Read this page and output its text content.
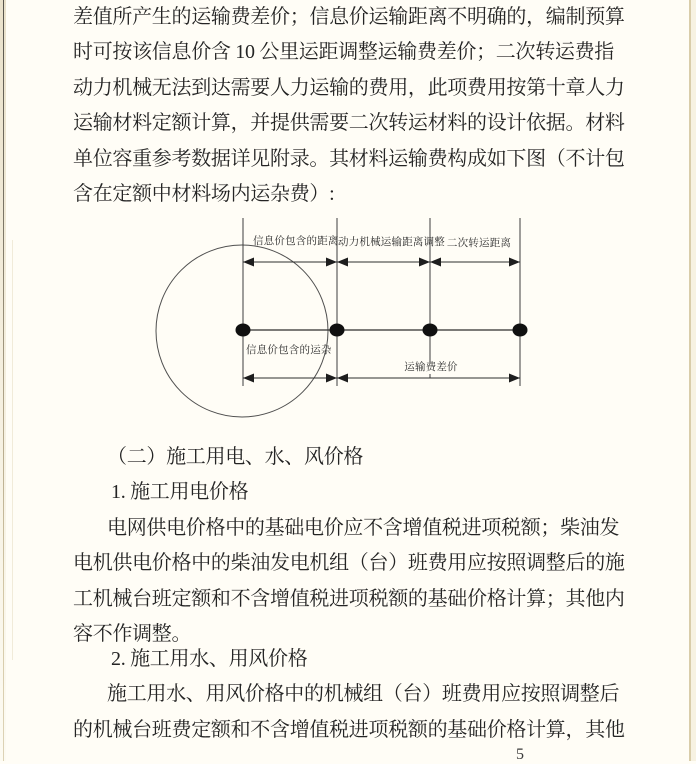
差值所产生的运输费差价；信息价运输距离不明确的，编制预算
时可按该信息价含 10 公里运距调整运输费差价；二次转运费指
动力机械无法到达需要人力运输的费用，此项费用按第十章人力
运输材料定额计算，并提供需要二次转运材料的设计依据。材料
单位容重参考数据详见附录。其材料运输费构成如下图（不计包
含在定额中材料场内运杂费）:
信息价包含的距离 动力机械运输距离调整 二次转运距离
信息价包含的运杂
运输费差价
（二）施工用电、水、风价格
1. 施工用电价格
电网供电价格中的基础电价应不含增值税进项税额；柴油发
电机供电价格中的柴油发电机组（台）班费用应按照调整后的施
工机械台班定额和不含增值税进项税额的基础价格计算；其他内
容不作调整。
2. 施工用水、用风价格
施工用水、用风价格中的机械组（台）班费用应按照调整后
的机械台班费定额和不含增值税进项税额的基础价格计算，其他
5
